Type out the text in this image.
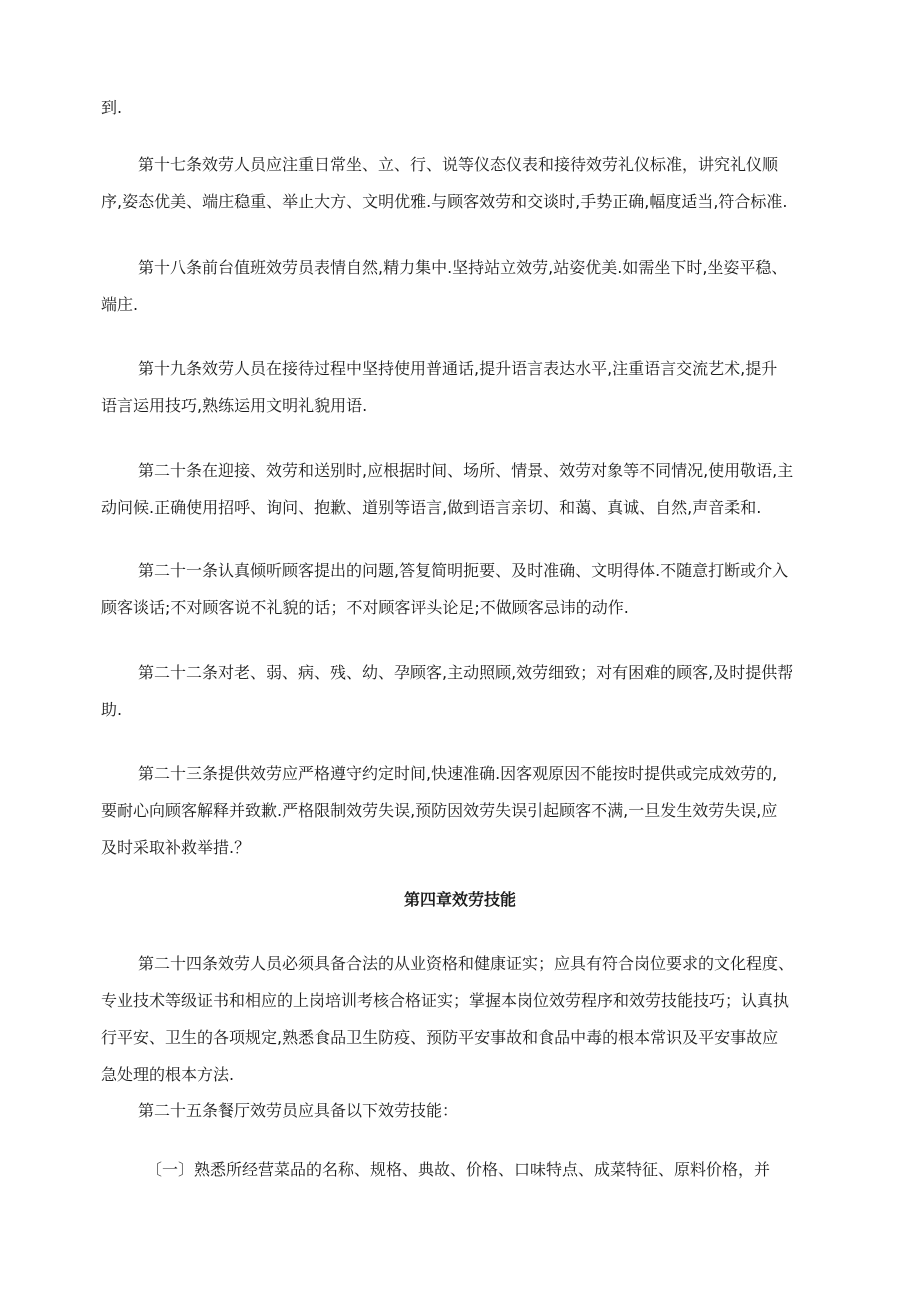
到.

第十七条效劳人员应注重日常坐、立、行、说等仪态仪表和接待效劳礼仪标准，讲究礼仪顺
序,姿态优美、端庄稳重、举止大方、文明优雅.与顾客效劳和交谈时,手势正确,幅度适当,符合标准.

第十八条前台值班效劳员表情自然,精力集中.坚持站立效劳,站姿优美.如需坐下时,坐姿平稳、
端庄.

第十九条效劳人员在接待过程中坚持使用普通话,提升语言表达水平,注重语言交流艺术,提升
语言运用技巧,熟练运用文明礼貌用语.

第二十条在迎接、效劳和送别时,应根据时间、场所、情景、效劳对象等不同情况,使用敬语,主
动问候.正确使用招呼、询问、抱歉、道别等语言,做到语言亲切、和蔼、真诚、自然,声音柔和.

第二十一条认真倾听顾客提出的问题,答复简明扼要、及时准确、文明得体.不随意打断或介入
顾客谈话;不对顾客说不礼貌的话；不对顾客评头论足;不做顾客忌讳的动作.

第二十二条对老、弱、病、残、幼、孕顾客,主动照顾,效劳细致；对有困难的顾客,及时提供帮
助.

第二十三条提供效劳应严格遵守约定时间,快速准确.因客观原因不能按时提供或完成效劳的,
要耐心向顾客解释并致歉.严格限制效劳失误,预防因效劳失误引起顾客不满,一旦发生效劳失误,应
及时采取补救举措.？

第四章效劳技能

第二十四条效劳人员必须具备合法的从业资格和健康证实；应具有符合岗位要求的文化程度、
专业技术等级证书和相应的上岗培训考核合格证实；掌握本岗位效劳程序和效劳技能技巧；认真执
行平安、卫生的各项规定,熟悉食品卫生防疫、预防平安事故和食品中毒的根本常识及平安事故应
急处理的根本方法.

第二十五条餐厅效劳员应具备以下效劳技能：

〔一〕熟悉所经营菜品的名称、规格、典故、价格、口味特点、成菜特征、原料价格，并
